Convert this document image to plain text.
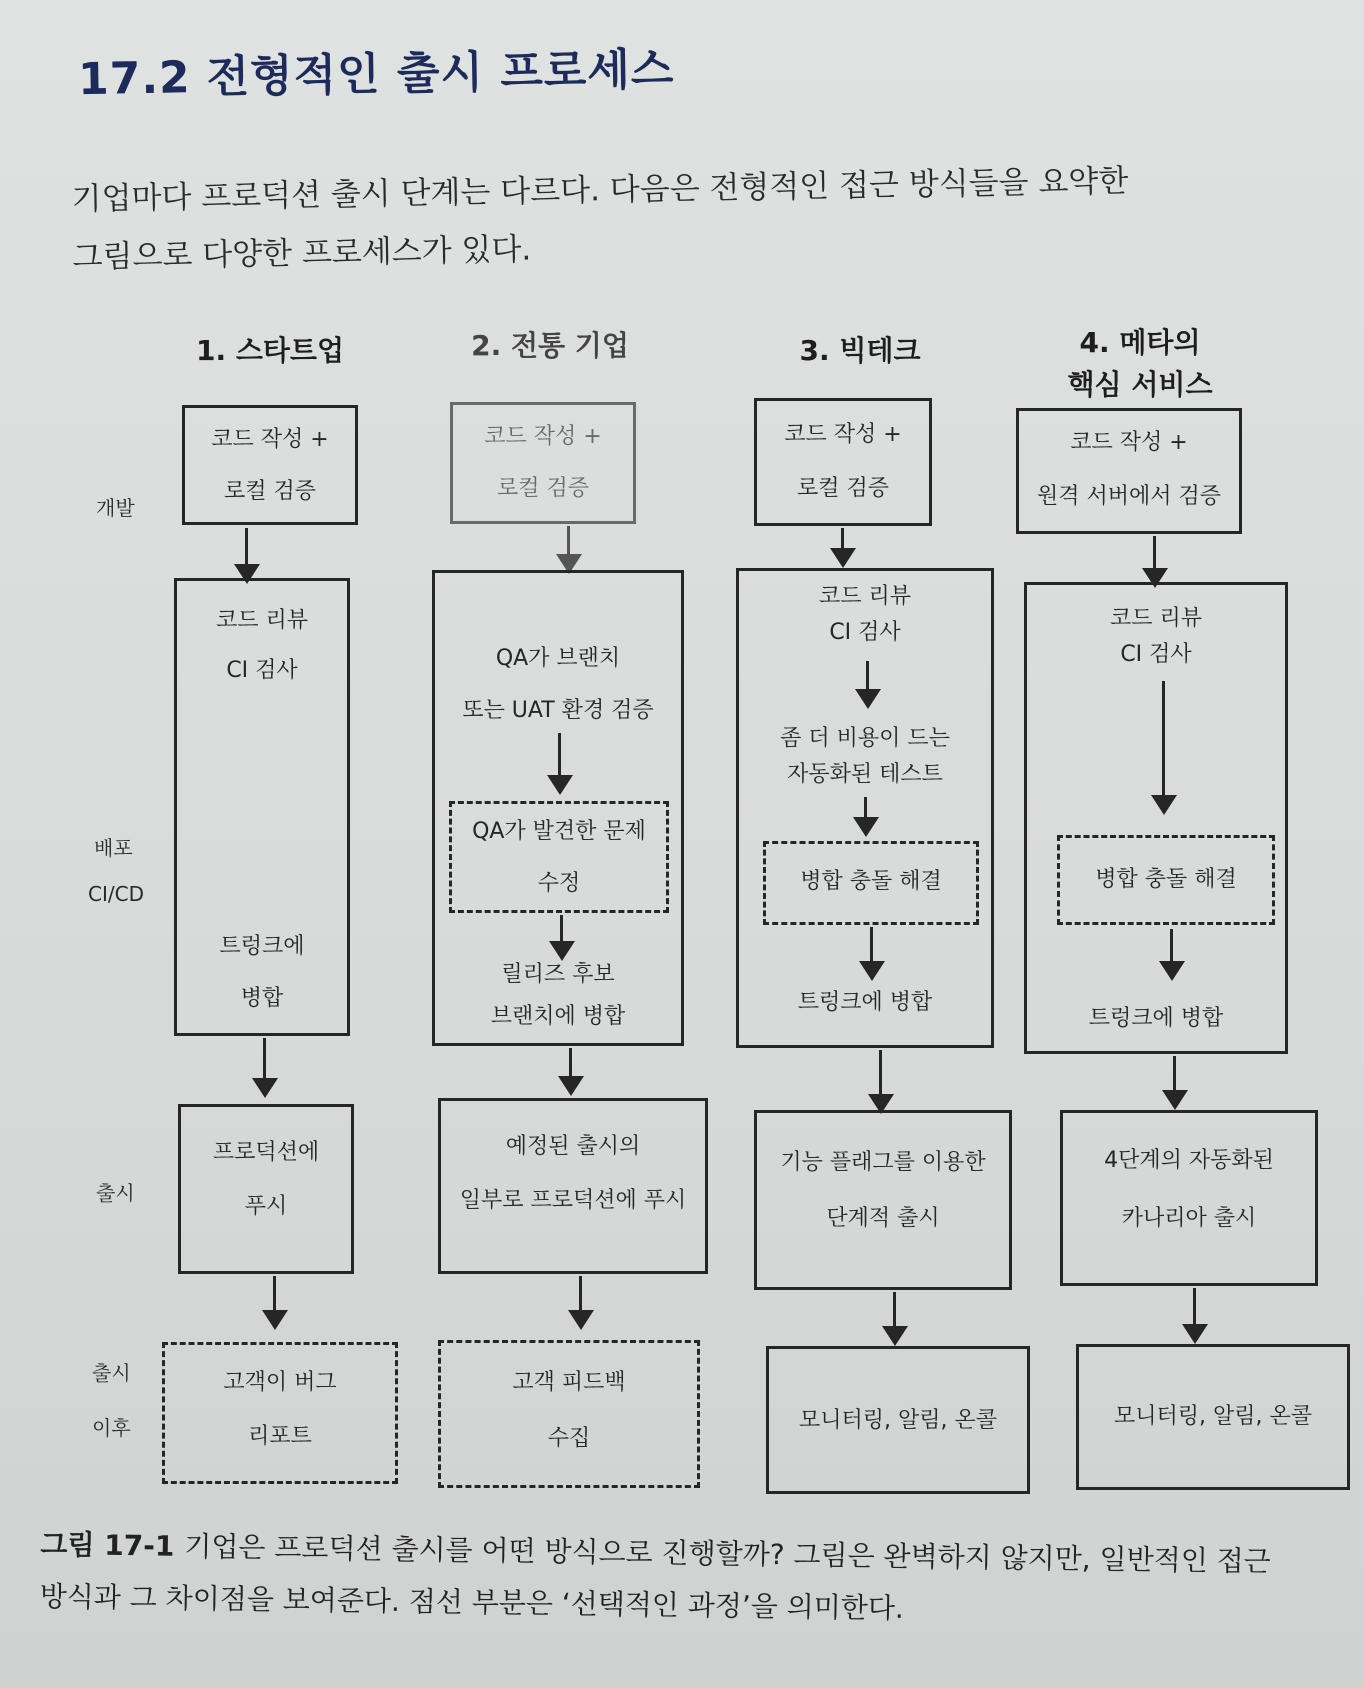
17.2 전형적인 출시 프로세스
기업마다 프로덕션 출시 단계는 다르다. 다음은 전형적인 접근 방식들을 요약한
그림으로 다양한 프로세스가 있다.
1. 스타트업	2. 전통 기업	3. 빅테크	4. 메타의
핵심 서비스
개발
배포
CI/CD
출시
출시
이후
코드 작성 +
로컬 검증
코드 리뷰
CI 검사
트렁크에
병합
프로덕션에
푸시
고객이 버그
리포트
코드 작성 +
로컬 검증
QA가 브랜치
또는 UAT 환경 검증
QA가 발견한 문제
수정
릴리즈 후보
브랜치에 병합
예정된 출시의
일부로 프로덕션에 푸시
고객 피드백
수집
코드 작성 +
로컬 검증
코드 리뷰
CI 검사
좀 더 비용이 드는
자동화된 테스트
병합 충돌 해결
트렁크에 병합
기능 플래그를 이용한
단계적 출시
모니터링, 알림, 온콜
코드 작성 +
원격 서버에서 검증
코드 리뷰
CI 검사
병합 충돌 해결
트렁크에 병합
4단계의 자동화된
카나리아 출시
모니터링, 알림, 온콜
그림 17-1 기업은 프로덕션 출시를 어떤 방식으로 진행할까? 그림은 완벽하지 않지만, 일반적인 접근
방식과 그 차이점을 보여준다. 점선 부분은 ‘선택적인 과정’을 의미한다.
